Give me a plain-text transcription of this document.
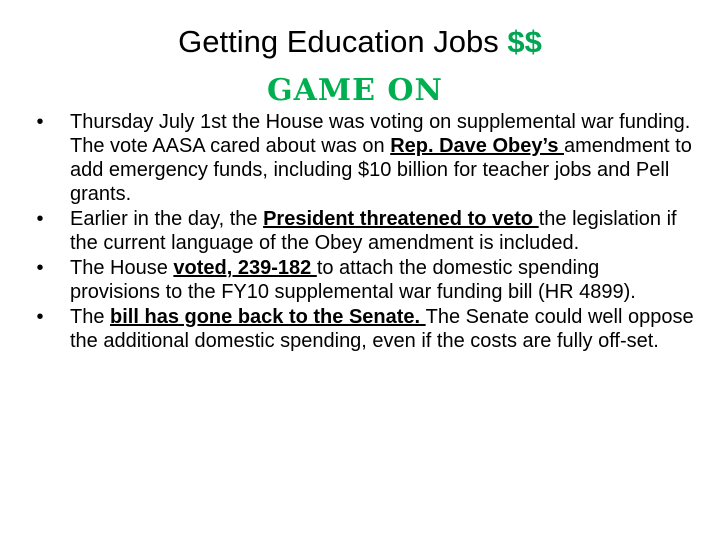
Getting Education Jobs $$
GAME ON
•	Thursday July 1st the House was voting on supplemental war funding. The vote AASA cared about was on Rep. Dave Obey’s amendment to add emergency funds, including $10 billion for teacher jobs and Pell grants.
•	Earlier in the day, the President threatened to veto the legislation if the current language of the Obey amendment is included.
•	The House voted, 239-182 to attach the domestic spending provisions to the FY10 supplemental war funding bill (HR 4899).
•	The bill has gone back to the Senate. The Senate could well oppose the additional domestic spending, even if the costs are fully off-set.
